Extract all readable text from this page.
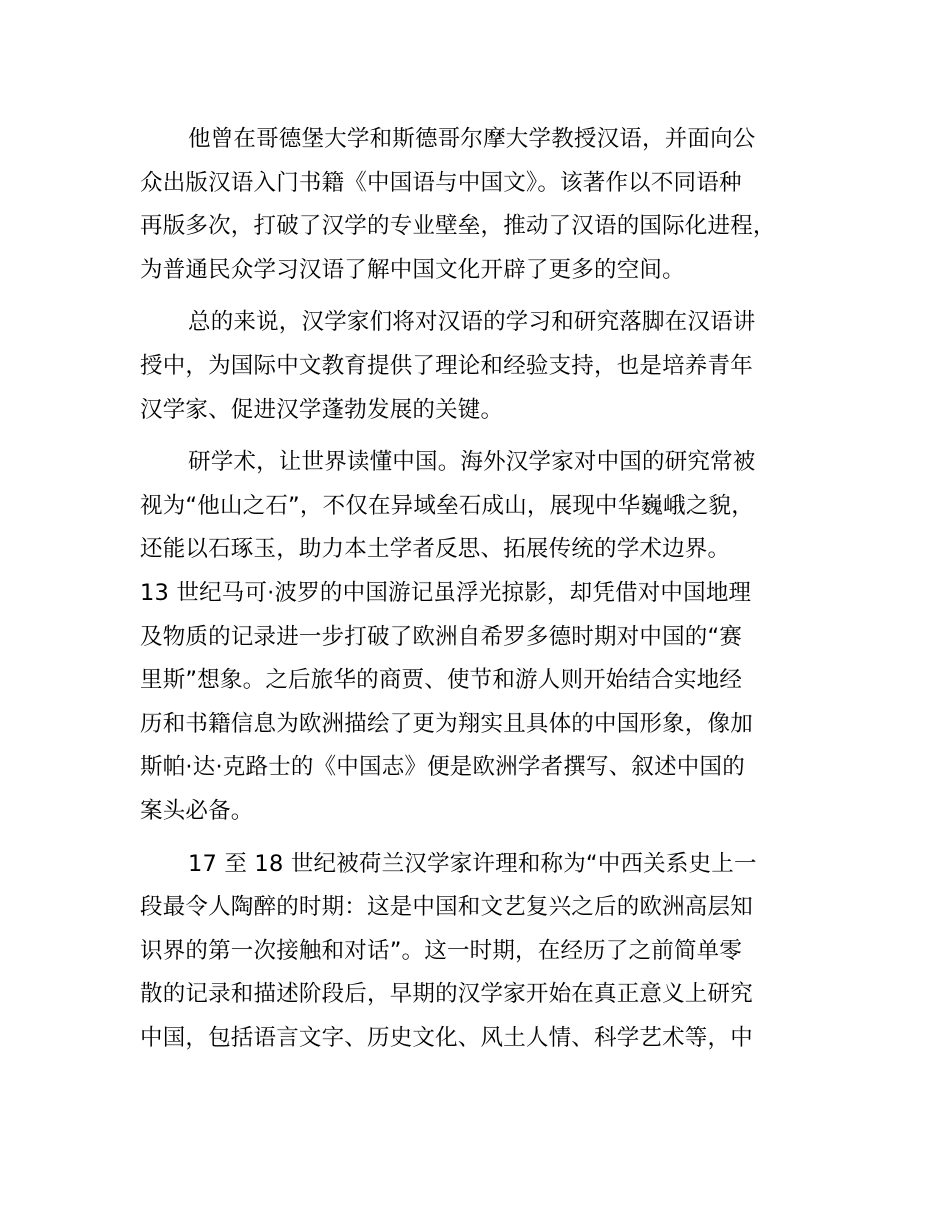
他曾在哥德堡大学和斯德哥尔摩大学教授汉语，并面向公
众出版汉语入门书籍《中国语与中国文》。该著作以不同语种
再版多次，打破了汉学的专业壁垒，推动了汉语的国际化进程，
为普通民众学习汉语了解中国文化开辟了更多的空间。
总的来说，汉学家们将对汉语的学习和研究落脚在汉语讲
授中，为国际中文教育提供了理论和经验支持，也是培养青年
汉学家、促进汉学蓬勃发展的关键。
研学术，让世界读懂中国。海外汉学家对中国的研究常被
视为“他山之石”，不仅在异域垒石成山，展现中华巍峨之貌，
还能以石琢玉，助力本土学者反思、拓展传统的学术边界。
13 世纪马可·波罗的中国游记虽浮光掠影，却凭借对中国地理
及物质的记录进一步打破了欧洲自希罗多德时期对中国的“赛
里斯”想象。之后旅华的商贾、使节和游人则开始结合实地经
历和书籍信息为欧洲描绘了更为翔实且具体的中国形象，像加
斯帕·达·克路士的《中国志》便是欧洲学者撰写、叙述中国的
案头必备。
17 至 18 世纪被荷兰汉学家许理和称为“中西关系史上一
段最令人陶醉的时期：这是中国和文艺复兴之后的欧洲高层知
识界的第一次接触和对话”。这一时期，在经历了之前简单零
散的记录和描述阶段后，早期的汉学家开始在真正意义上研究
中国，包括语言文字、历史文化、风土人情、科学艺术等，中
